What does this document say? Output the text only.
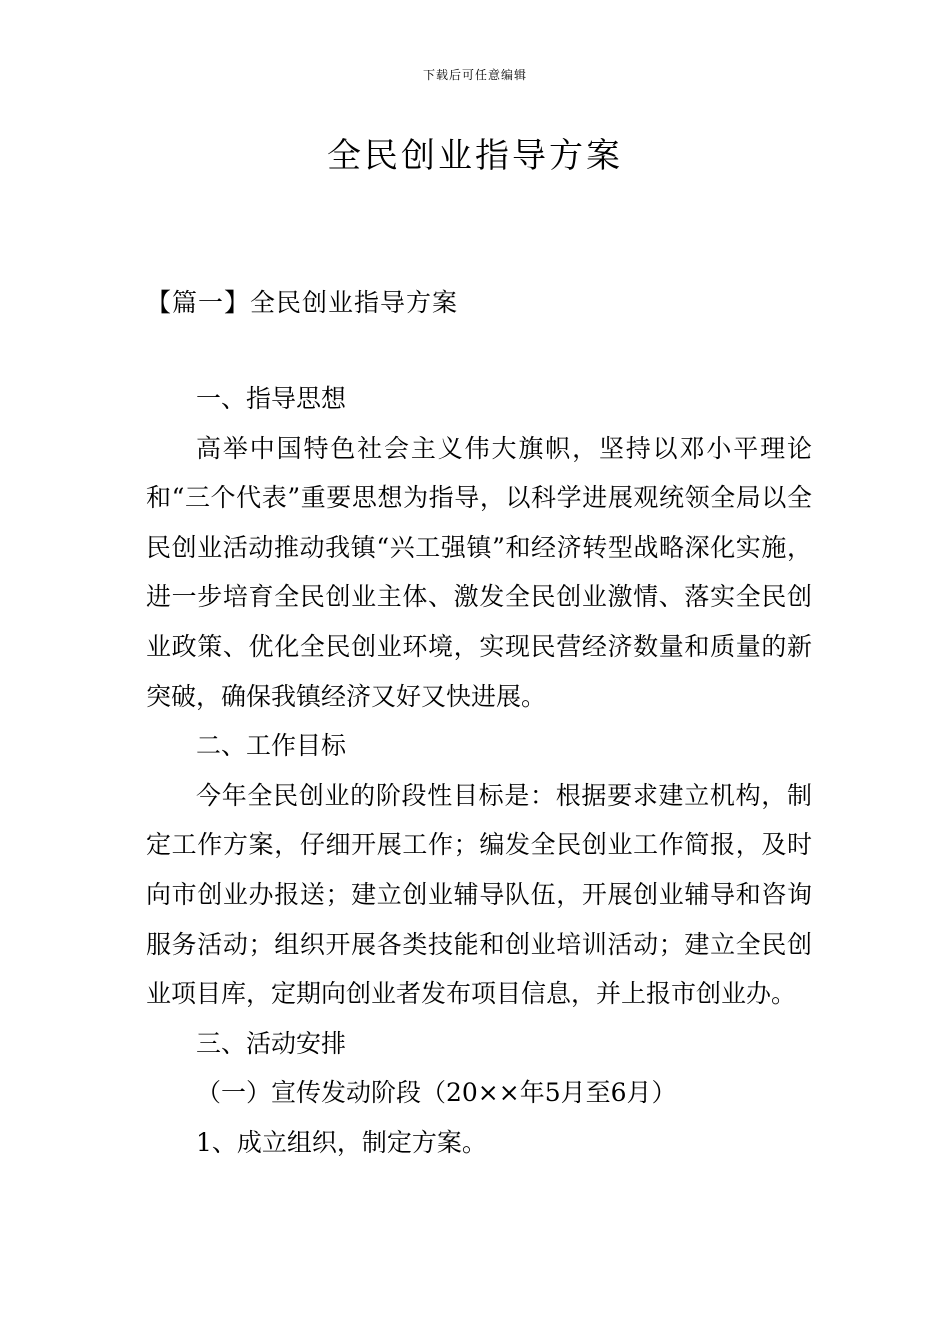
下载后可任意编辑
全民创业指导方案
【篇一】全民创业指导方案

一、指导思想

高举中国特色社会主义伟大旗帜，坚持以邓小平理论和“三个代表”重要思想为指导，以科学进展观统领全局以全民创业活动推动我镇“兴工强镇”和经济转型战略深化实施，进一步培育全民创业主体、激发全民创业激情、落实全民创业政策、优化全民创业环境，实现民营经济数量和质量的新突破，确保我镇经济又好又快进展。

二、工作目标

今年全民创业的阶段性目标是：根据要求建立机构，制定工作方案，仔细开展工作；编发全民创业工作简报，及时向市创业办报送；建立创业辅导队伍，开展创业辅导和咨询服务活动；组织开展各类技能和创业培训活动；建立全民创业项目库，定期向创业者发布项目信息，并上报市创业办。

三、活动安排

（一）宣传发动阶段（20××年5月至6月）

1、成立组织，制定方案。
